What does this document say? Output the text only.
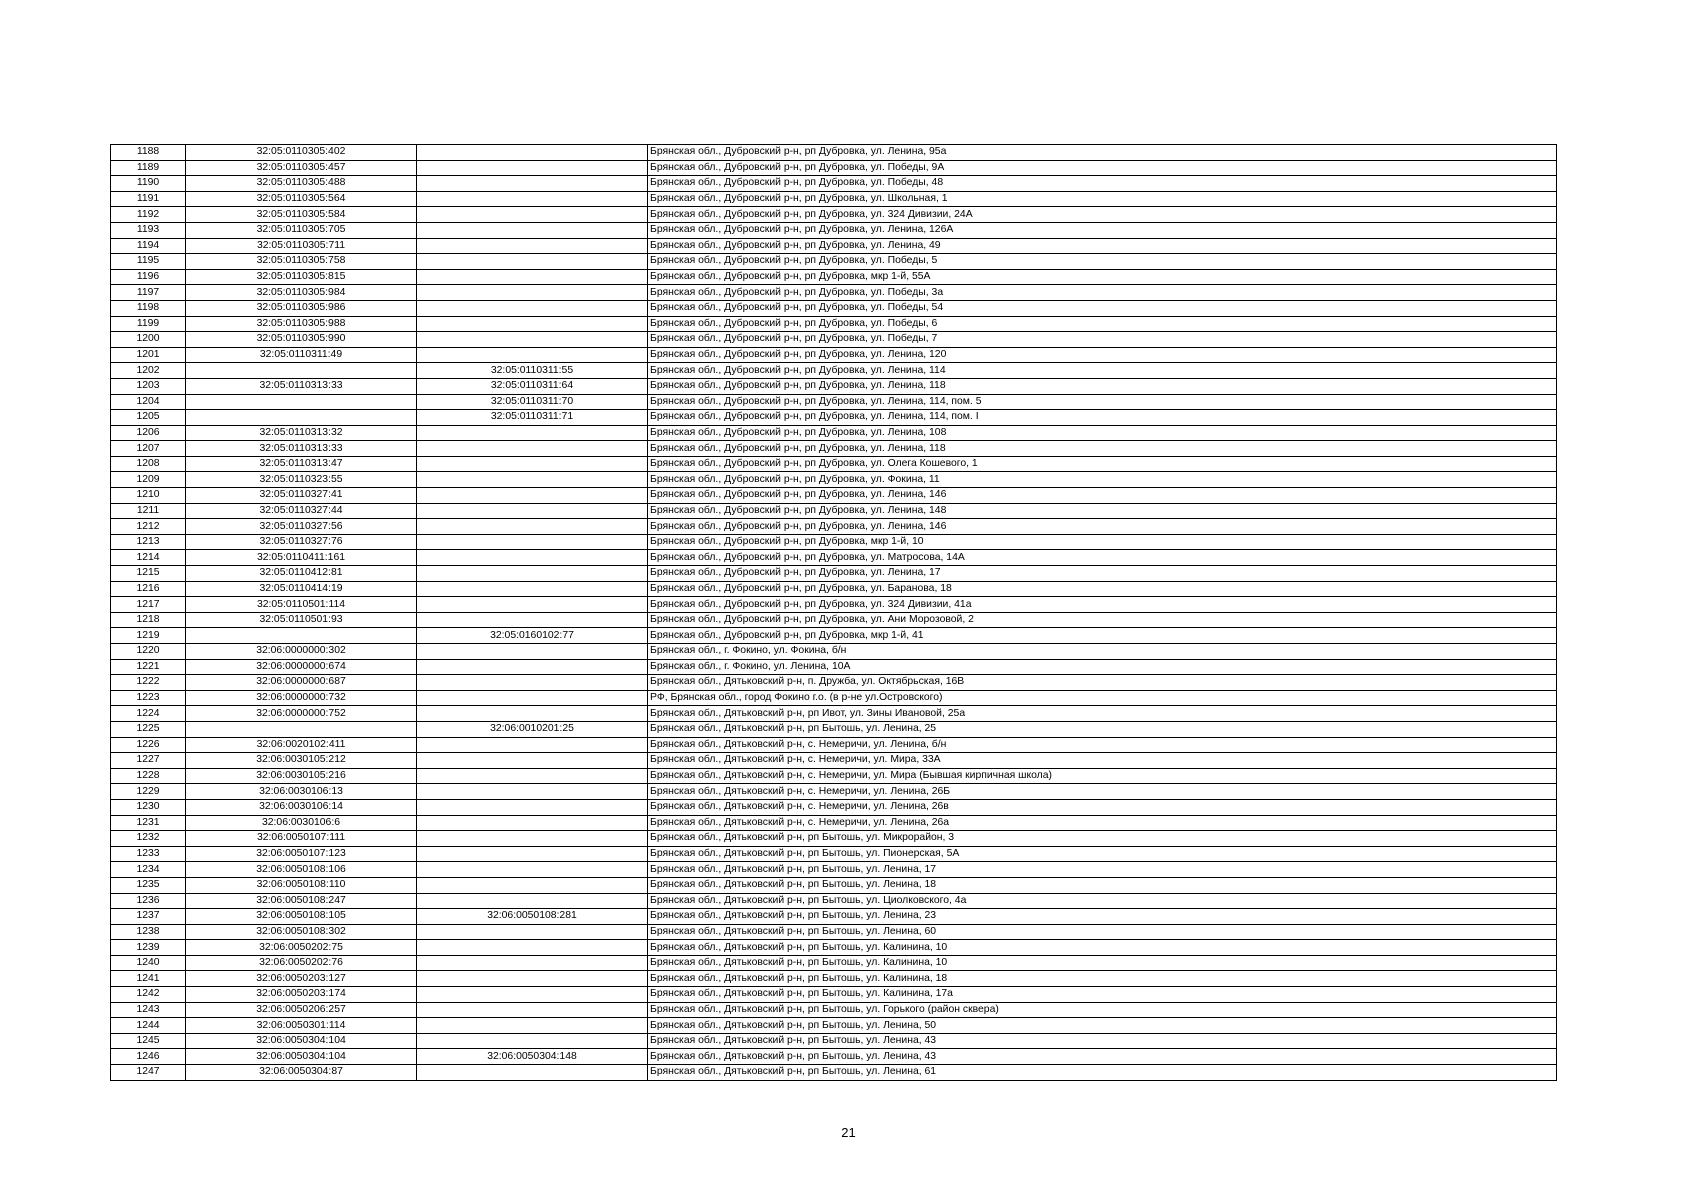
1188	32:05:0110305:402		Брянская обл., Дубровский р-н, рп Дубровка, ул. Ленина, 95а
1189	32:05:0110305:457		Брянская обл., Дубровский р-н, рп Дубровка, ул. Победы, 9А
1190	32:05:0110305:488		Брянская обл., Дубровский р-н, рп Дубровка, ул. Победы, 48
1191	32:05:0110305:564		Брянская обл., Дубровский р-н, рп Дубровка, ул. Школьная, 1
1192	32:05:0110305:584		Брянская обл., Дубровский р-н, рп Дубровка, ул. 324 Дивизии, 24А
1193	32:05:0110305:705		Брянская обл., Дубровский р-н, рп Дубровка, ул. Ленина, 126А
1194	32:05:0110305:711		Брянская обл., Дубровский р-н, рп Дубровка, ул. Ленина, 49
1195	32:05:0110305:758		Брянская обл., Дубровский р-н, рп Дубровка, ул. Победы, 5
1196	32:05:0110305:815		Брянская обл., Дубровский р-н, рп Дубровка, мкр 1-й, 55А
1197	32:05:0110305:984		Брянская обл., Дубровский р-н, рп Дубровка, ул. Победы, 3а
1198	32:05:0110305:986		Брянская обл., Дубровский р-н, рп Дубровка, ул. Победы, 54
1199	32:05:0110305:988		Брянская обл., Дубровский р-н, рп Дубровка, ул. Победы, 6
1200	32:05:0110305:990		Брянская обл., Дубровский р-н, рп Дубровка, ул. Победы, 7
1201	32:05:0110311:49		Брянская обл., Дубровский р-н, рп Дубровка, ул. Ленина, 120
1202		32:05:0110311:55	Брянская обл., Дубровский р-н, рп Дубровка, ул. Ленина, 114
1203	32:05:0110313:33	32:05:0110311:64	Брянская обл., Дубровский р-н, рп Дубровка, ул. Ленина, 118
1204		32:05:0110311:70	Брянская обл., Дубровский р-н, рп Дубровка, ул. Ленина, 114, пом. 5
1205		32:05:0110311:71	Брянская обл., Дубровский р-н, рп Дубровка, ул. Ленина, 114, пом. I
1206	32:05:0110313:32		Брянская обл., Дубровский р-н, рп Дубровка, ул. Ленина, 108
1207	32:05:0110313:33		Брянская обл., Дубровский р-н, рп Дубровка, ул. Ленина, 118
1208	32:05:0110313:47		Брянская обл., Дубровский р-н, рп Дубровка, ул. Олега Кошевого, 1
1209	32:05:0110323:55		Брянская обл., Дубровский р-н, рп Дубровка, ул. Фокина, 11
1210	32:05:0110327:41		Брянская обл., Дубровский р-н, рп Дубровка, ул. Ленина, 146
1211	32:05:0110327:44		Брянская обл., Дубровский р-н, рп Дубровка, ул. Ленина, 148
1212	32:05:0110327:56		Брянская обл., Дубровский р-н, рп Дубровка, ул. Ленина, 146
1213	32:05:0110327:76		Брянская обл., Дубровский р-н, рп Дубровка, мкр 1-й, 10
1214	32:05:0110411:161		Брянская обл., Дубровский р-н, рп Дубровка, ул. Матросова, 14А
1215	32:05:0110412:81		Брянская обл., Дубровский р-н, рп Дубровка, ул. Ленина, 17
1216	32:05:0110414:19		Брянская обл., Дубровский р-н, рп Дубровка, ул. Баранова, 18
1217	32:05:0110501:114		Брянская обл., Дубровский р-н, рп Дубровка, ул. 324 Дивизии, 41а
1218	32:05:0110501:93		Брянская обл., Дубровский р-н, рп Дубровка, ул. Ани Морозовой, 2
1219		32:05:0160102:77	Брянская обл., Дубровский р-н, рп Дубровка, мкр 1-й, 41
1220	32:06:0000000:302		Брянская обл., г. Фокино, ул. Фокина, б/н
1221	32:06:0000000:674		Брянская обл., г. Фокино, ул. Ленина, 10А
1222	32:06:0000000:687		Брянская обл., Дятьковский р-н, п. Дружба, ул. Октябрьская, 16В
1223	32:06:0000000:732		РФ, Брянская обл., город Фокино г.о. (в р-не ул.Островского)
1224	32:06:0000000:752		Брянская обл., Дятьковский р-н, рп Ивот, ул. Зины Ивановой, 25а
1225		32:06:0010201:25	Брянская обл., Дятьковский р-н, рп Бытошь, ул. Ленина, 25
1226	32:06:0020102:411		Брянская обл., Дятьковский р-н, с. Немеричи, ул. Ленина, б/н
1227	32:06:0030105:212		Брянская обл., Дятьковский р-н, с. Немеричи, ул. Мира, 33А
1228	32:06:0030105:216		Брянская обл., Дятьковский р-н, с. Немеричи, ул. Мира (Бывшая кирпичная школа)
1229	32:06:0030106:13		Брянская обл., Дятьковский р-н, с. Немеричи, ул. Ленина, 26Б
1230	32:06:0030106:14		Брянская обл., Дятьковский р-н, с. Немеричи, ул. Ленина, 26в
1231	32:06:0030106:6		Брянская обл., Дятьковский р-н, с. Немеричи, ул. Ленина, 26а
1232	32:06:0050107:111		Брянская обл., Дятьковский р-н, рп Бытошь, ул. Микрорайон, 3
1233	32:06:0050107:123		Брянская обл., Дятьковский р-н, рп Бытошь, ул. Пионерская, 5А
1234	32:06:0050108:106		Брянская обл., Дятьковский р-н, рп Бытошь, ул. Ленина, 17
1235	32:06:0050108:110		Брянская обл., Дятьковский р-н, рп Бытошь, ул. Ленина, 18
1236	32:06:0050108:247		Брянская обл., Дятьковский р-н, рп Бытошь, ул. Циолковского, 4а
1237	32:06:0050108:105	32:06:0050108:281	Брянская обл., Дятьковский р-н, рп Бытошь, ул. Ленина, 23
1238	32:06:0050108:302		Брянская обл., Дятьковский р-н, рп Бытошь, ул. Ленина, 60
1239	32:06:0050202:75		Брянская обл., Дятьковский р-н, рп Бытошь, ул. Калинина, 10
1240	32:06:0050202:76		Брянская обл., Дятьковский р-н, рп Бытошь, ул. Калинина, 10
1241	32:06:0050203:127		Брянская обл., Дятьковский р-н, рп Бытошь, ул. Калинина, 18
1242	32:06:0050203:174		Брянская обл., Дятьковский р-н, рп Бытошь, ул. Калинина, 17а
1243	32:06:0050206:257		Брянская обл., Дятьковский р-н, рп Бытошь, ул. Горького (район сквера)
1244	32:06:0050301:114		Брянская обл., Дятьковский р-н, рп Бытошь, ул. Ленина, 50
1245	32:06:0050304:104		Брянская обл., Дятьковский р-н, рп Бытошь, ул. Ленина, 43
1246	32:06:0050304:104	32:06:0050304:148	Брянская обл., Дятьковский р-н, рп Бытошь, ул. Ленина, 43
1247	32:06:0050304:87		Брянская обл., Дятьковский р-н, рп Бытошь, ул. Ленина, 61
21
